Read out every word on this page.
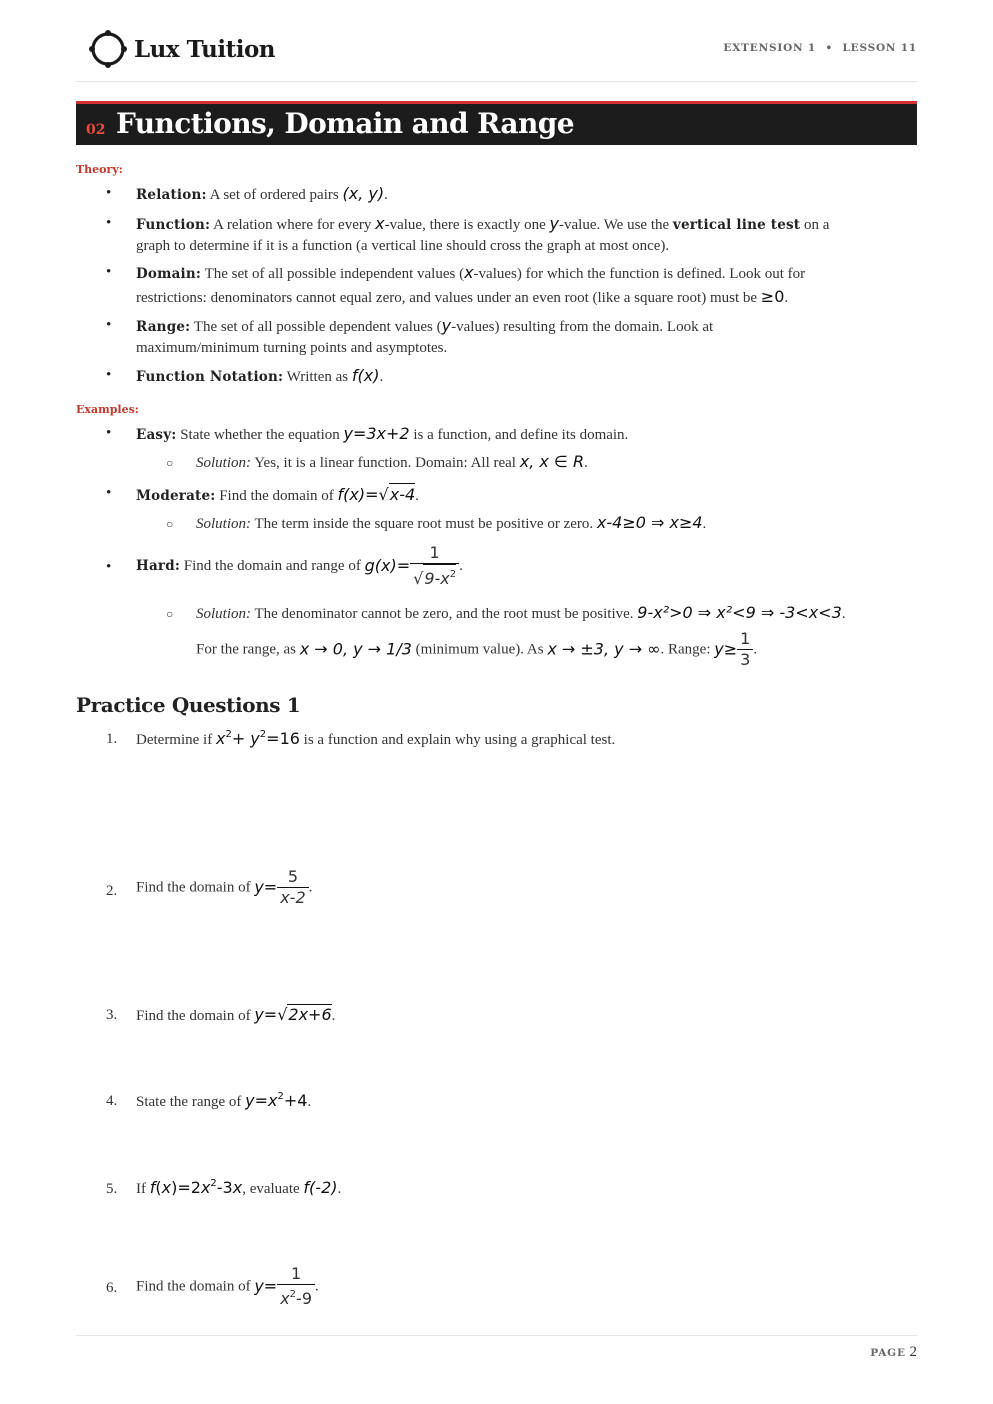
Lux Tuition	EXTENSION 1 • LESSON 11
02 Functions, Domain and Range
Theory:
• Relation: A set of ordered pairs (x, y).
• Function: A relation where for every x-value, there is exactly one y-value. We use the vertical line test on a
graph to determine if it is a function (a vertical line should cross the graph at most once).
• Domain: The set of all possible independent values (x-values) for which the function is defined. Look out for
restrictions: denominators cannot equal zero, and values under an even root (like a square root) must be ≥0.
• Range: The set of all possible dependent values (y-values) resulting from the domain. Look at
maximum/minimum turning points and asymptotes.
• Function Notation: Written as f(x).
Examples:
• Easy: State whether the equation y=3x+2 is a function, and define its domain.
○ Solution: Yes, it is a linear function. Domain: All real x, x ∈ R.
• Moderate: Find the domain of f(x)=√x-4.
○ Solution: The term inside the square root must be positive or zero. x-4≥0 ⇒ x≥4.
• Hard: Find the domain and range of $g(x)= \frac{1}{√9-x^2}$ .
○ Solution: The denominator cannot be zero, and the root must be positive. 9-x²>0 ⇒ x²<9 ⇒ -3<x<3.
For the range, as x → 0, y → 1/3 (minimum value). As x → ±3, y → ∞. Range: $y\ge \frac{1}{3}$ .
Practice Questions 1
1. Determine if $x^2+ y^2=16$ is a function and explain why using a graphical test.
2. Find the domain of $y= \frac{5}{x-2}$ .
3. Find the domain of y=√2x+6.
4. State the range of $y=x^2+4$.
5. If $f(x)=2x^2-3x$, evaluate f(-2).
6. Find the domain of $y= \frac{1}{x^2-9}$ .
PAGE 2
